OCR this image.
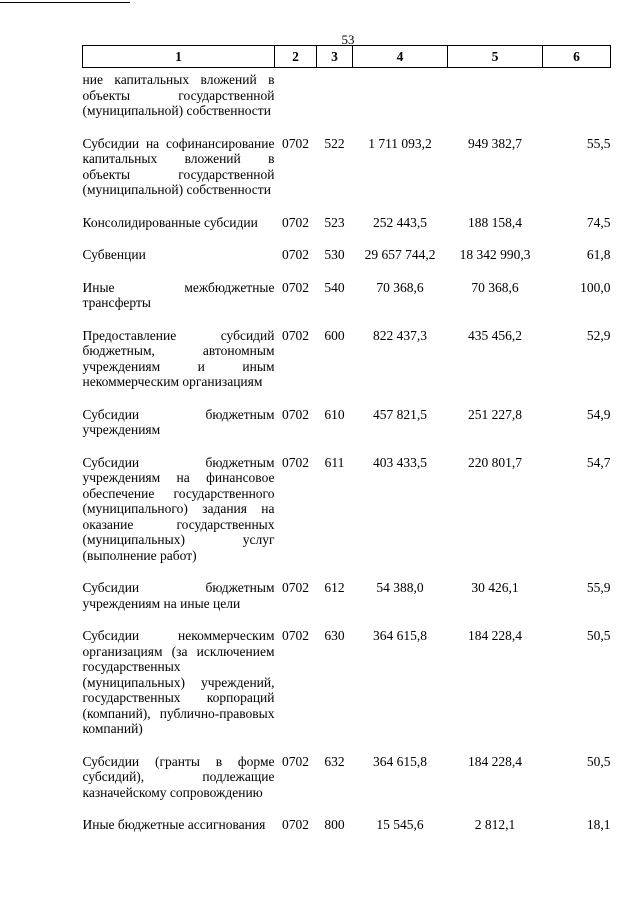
53
1	2	3	4	5	6
ние капитальных вложений в объекты государственной (муниципальной) собственности					
Субсидии на софинансирование капитальных вложений в объекты государственной (муниципальной) собственности	0702	522	1 711 093,2	949 382,7	55,5
Консолидированные субсидии	0702	523	252 443,5	188 158,4	74,5
Субвенции	0702	530	29 657 744,2	18 342 990,3	61,8
Иные межбюджетные трансферты	0702	540	70 368,6	70 368,6	100,0
Предоставление субсидий бюджетным, автономным учреждениям и иным некоммерческим организациям	0702	600	822 437,3	435 456,2	52,9
Субсидии бюджетным учреждениям	0702	610	457 821,5	251 227,8	54,9
Субсидии бюджетным учреждениям на финансовое обеспечение государственного (муниципального) задания на оказание государственных (муниципальных) услуг (выполнение работ)	0702	611	403 433,5	220 801,7	54,7
Субсидии бюджетным учреждениям на иные цели	0702	612	54 388,0	30 426,1	55,9
Субсидии некоммерческим организациям (за исключением государственных (муниципальных) учреждений, государственных корпораций (компаний), публично-правовых компаний)	0702	630	364 615,8	184 228,4	50,5
Субсидии (гранты в форме субсидий), подлежащие казначейскому сопровождению	0702	632	364 615,8	184 228,4	50,5
Иные бюджетные ассигнования	0702	800	15 545,6	2 812,1	18,1
